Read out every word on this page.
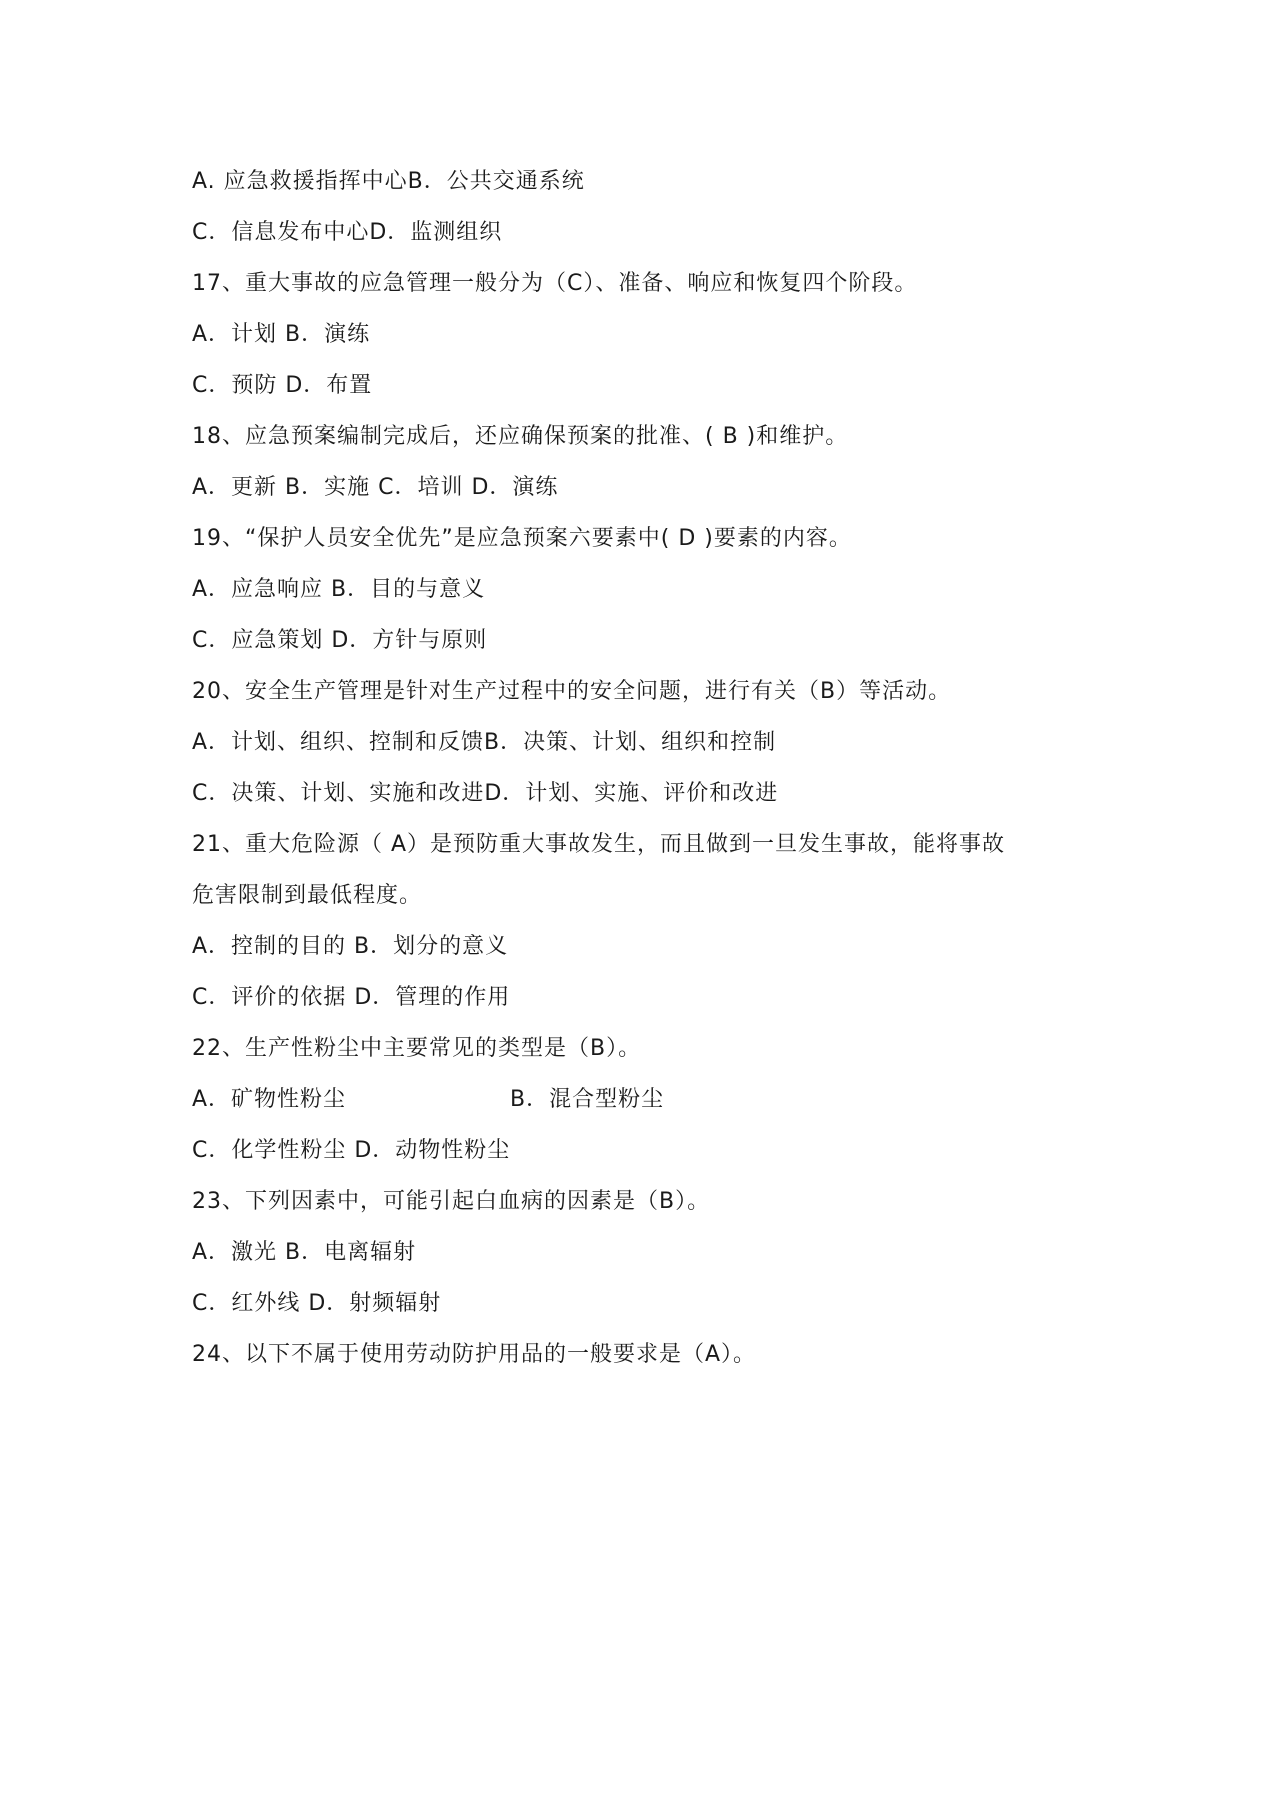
A. 应急救援指挥中心B．公共交通系统
C．信息发布中心D．监测组织
17、重大事故的应急管理一般分为（C）、准备、响应和恢复四个阶段。
A．计划 B．演练
C．预防 D．布置
18、应急预案编制完成后，还应确保预案的批准、( B )和维护。
A．更新 B．实施 C．培训 D．演练
19、“保护人员安全优先”是应急预案六要素中( D )要素的内容。
A．应急响应 B．目的与意义
C．应急策划 D．方针与原则
20、安全生产管理是针对生产过程中的安全问题，进行有关（B）等活动。
A．计划、组织、控制和反馈B．决策、计划、组织和控制
C．决策、计划、实施和改进D．计划、实施、评价和改进
21、重大危险源（ A）是预防重大事故发生，而且做到一旦发生事故，能将事故
危害限制到最低程度。
A．控制的目的 B．划分的意义
C．评价的依据 D．管理的作用
22、生产性粉尘中主要常见的类型是（B）。
A．矿物性粉尘	B．混合型粉尘
C．化学性粉尘 D．动物性粉尘
23、下列因素中，可能引起白血病的因素是（B）。
A．激光 B．电离辐射
C．红外线 D．射频辐射
24、以下不属于使用劳动防护用品的一般要求是（A）。
